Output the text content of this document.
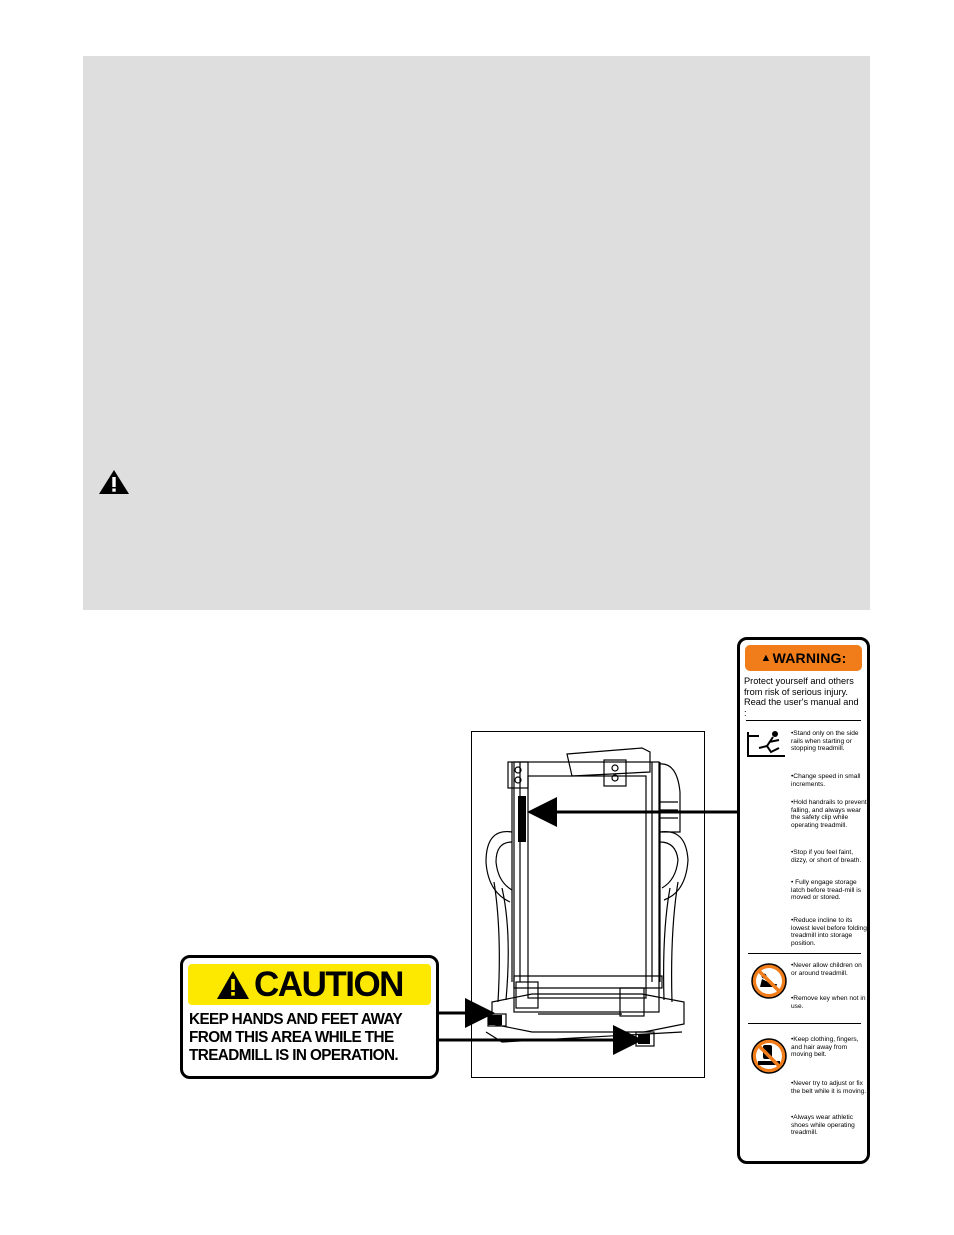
▲ WARNING:
Protect yourself and others from risk of serious injury. Read the user's manual and :
•Stand only on the side rails when starting or stopping treadmill.
•Change speed in small increments.
•Hold handrails to prevent falling, and always wear the safety clip while operating treadmill.
•Stop if you feel faint, dizzy, or short of breath.
• Fully engage storage latch before tread-mill is moved or stored.
•Reduce incline to its lowest level before folding treadmill into storage position.
•Never allow children on or around treadmill.
•Remove key when not in use.
•Keep clothing, fingers, and hair away from moving belt.
•Never try to adjust or fix the belt while it is moving.
•Always wear athletic shoes while operating treadmill.
CAUTION
KEEP HANDS AND FEET AWAY
FROM THIS AREA WHILE THE
TREADMILL IS IN OPERATION.
